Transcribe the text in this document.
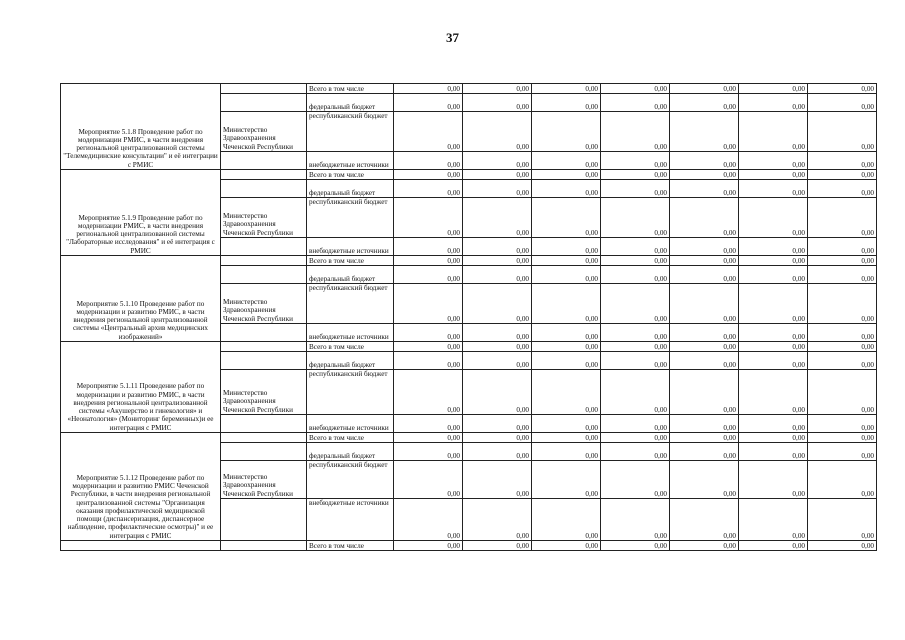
37
Мероприятие 5.1.8 Проведение работ по модернизации РМИС, в части внедрения региональной централизованной системы "Телемедицинские консультации" и её интеграции с РМИС		Всего в том числе	0,00	0,00	0,00	0,00	0,00	0,00	0,00
		федеральный бюджет	0,00	0,00	0,00	0,00	0,00	0,00	0,00
	Министерство Здравоохранения Чеченской Республики	республиканский бюджет	0,00	0,00	0,00	0,00	0,00	0,00	0,00
		внебюджетные источники	0,00	0,00	0,00	0,00	0,00	0,00	0,00
Мероприятие 5.1.9 Проведение работ по модернизации РМИС, в части внедрения региональной централизованной системы "Лабораторные исследования" и её интеграция с РМИС		Всего в том числе	0,00	0,00	0,00	0,00	0,00	0,00	0,00
		федеральный бюджет	0,00	0,00	0,00	0,00	0,00	0,00	0,00
	Министерство Здравоохранения Чеченской Республики	республиканский бюджет	0,00	0,00	0,00	0,00	0,00	0,00	0,00
		внебюджетные источники	0,00	0,00	0,00	0,00	0,00	0,00	0,00
Мероприятие 5.1.10 Проведение работ по модернизации и развитию РМИС, в части внедрения региональной централизованной системы «Центральный архив медицинских изображений»		Всего в том числе	0,00	0,00	0,00	0,00	0,00	0,00	0,00
		федеральный бюджет	0,00	0,00	0,00	0,00	0,00	0,00	0,00
	Министерство Здравоохранения Чеченской Республики	республиканский бюджет	0,00	0,00	0,00	0,00	0,00	0,00	0,00
		внебюджетные источники	0,00	0,00	0,00	0,00	0,00	0,00	0,00
Мероприятие 5.1.11 Проведение работ по модернизации и развитию РМИС, в части внедрения региональной централизованной системы «Акушерство и гинекология» и «Неонатология» (Мониторинг беременных)и ее интеграция с РМИС		Всего в том числе	0,00	0,00	0,00	0,00	0,00	0,00	0,00
		федеральный бюджет	0,00	0,00	0,00	0,00	0,00	0,00	0,00
	Министерство Здравоохранения Чеченской Республики	республиканский бюджет	0,00	0,00	0,00	0,00	0,00	0,00	0,00
		внебюджетные источники	0,00	0,00	0,00	0,00	0,00	0,00	0,00
Мероприятие 5.1.12 Проведение работ по модернизации и развитию РМИС Чеченской Республики, в части внедрения региональной централизованной системы "Организация оказания профилактической медицинской помощи (диспансеризация, диспансерное наблюдение, профилактические осмотры)" и ее интеграция с РМИС		Всего в том числе	0,00	0,00	0,00	0,00	0,00	0,00	0,00
		федеральный бюджет	0,00	0,00	0,00	0,00	0,00	0,00	0,00
	Министерство Здравоохранения Чеченской Республики	республиканский бюджет	0,00	0,00	0,00	0,00	0,00	0,00	0,00
		внебюджетные источники	0,00	0,00	0,00	0,00	0,00	0,00	0,00
		Всего в том числе	0,00	0,00	0,00	0,00	0,00	0,00	0,00
